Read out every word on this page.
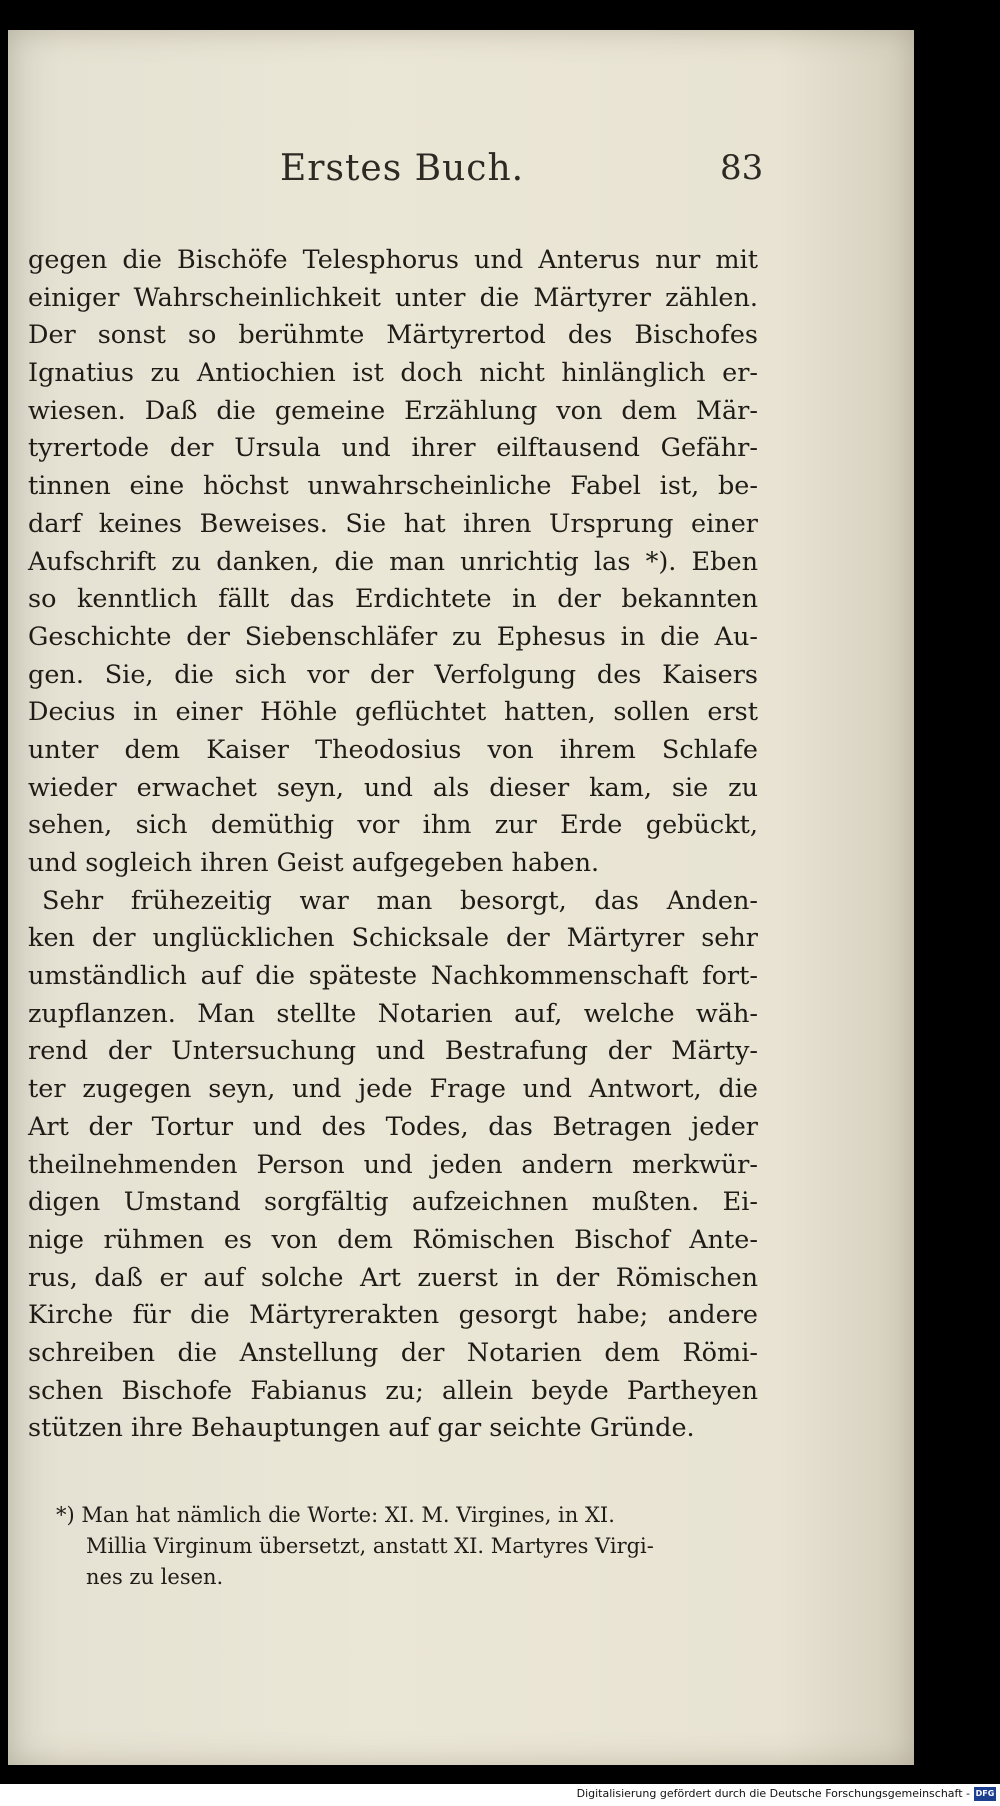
Erstes Buch.	83
gegen die Bischöfe Telesphorus und Anterus nur mit
einiger Wahrscheinlichkeit unter die Märtyrer zählen.
Der sonst so berühmte Märtyrertod des Bischofes
Ignatius zu Antiochien ist doch nicht hinlänglich er-
wiesen. Daß die gemeine Erzählung von dem Mär-
tyrertode der Ursula und ihrer eilftausend Gefähr-
tinnen eine höchst unwahrscheinliche Fabel ist, be-
darf keines Beweises. Sie hat ihren Ursprung einer
Aufschrift zu danken, die man unrichtig las *). Eben
so kenntlich fällt das Erdichtete in der bekannten
Geschichte der Siebenschläfer zu Ephesus in die Au-
gen. Sie, die sich vor der Verfolgung des Kaisers
Decius in einer Höhle geflüchtet hatten, sollen erst
unter dem Kaiser Theodosius von ihrem Schlafe
wieder erwachet seyn, und als dieser kam, sie zu
sehen, sich demüthig vor ihm zur Erde gebückt,
und sogleich ihren Geist aufgegeben haben.
Sehr frühezeitig war man besorgt, das Anden-
ken der unglücklichen Schicksale der Märtyrer sehr
umständlich auf die späteste Nachkommenschaft fort-
zupflanzen. Man stellte Notarien auf, welche wäh-
rend der Untersuchung und Bestrafung der Märty-
ter zugegen seyn, und jede Frage und Antwort, die
Art der Tortur und des Todes, das Betragen jeder
theilnehmenden Person und jeden andern merkwür-
digen Umstand sorgfältig aufzeichnen mußten. Ei-
nige rühmen es von dem Römischen Bischof Ante-
rus, daß er auf solche Art zuerst in der Römischen
Kirche für die Märtyrerakten gesorgt habe; andere
schreiben die Anstellung der Notarien dem Römi-
schen Bischofe Fabianus zu; allein beyde Partheyen
stützen ihre Behauptungen auf gar seichte Gründe.
*) Man hat nämlich die Worte: XI. M. Virgines, in XI.
Millia Virginum übersetzt, anstatt XI. Martyres Virgi-
nes zu lesen.
Digitalisierung gefördert durch die Deutsche Forschungsgemeinschaft - DFG
